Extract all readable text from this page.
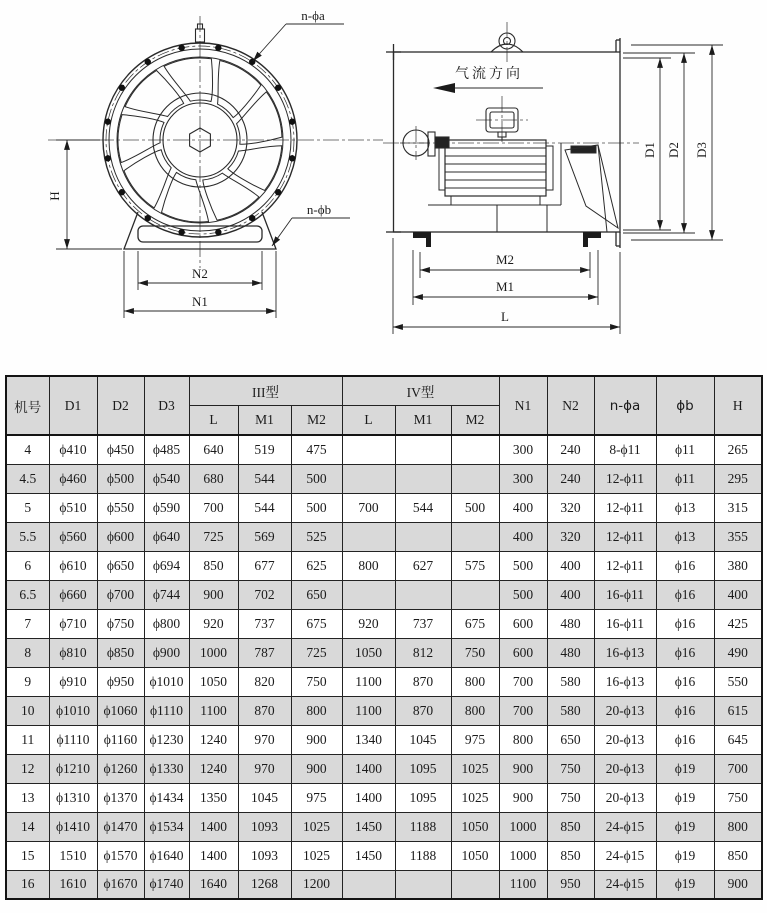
H
N2
N1
n-ϕa
n-ϕb
气流方向
M2
M1
L
D1 D2 D3
机号	D1	D2	D3	III型			IV型			N1	N2	n-ϕa	ϕb	H
				L	M1	M2	L	M1	M2					
4	ϕ410	ϕ450	ϕ485	640	519	475				300	240	8-ϕ11	ϕ11	265
4.5	ϕ460	ϕ500	ϕ540	680	544	500				300	240	12-ϕ11	ϕ11	295
5	ϕ510	ϕ550	ϕ590	700	544	500	700	544	500	400	320	12-ϕ11	ϕ13	315
5.5	ϕ560	ϕ600	ϕ640	725	569	525				400	320	12-ϕ11	ϕ13	355
6	ϕ610	ϕ650	ϕ694	850	677	625	800	627	575	500	400	12-ϕ11	ϕ16	380
6.5	ϕ660	ϕ700	ϕ744	900	702	650				500	400	16-ϕ11	ϕ16	400
7	ϕ710	ϕ750	ϕ800	920	737	675	920	737	675	600	480	16-ϕ11	ϕ16	425
8	ϕ810	ϕ850	ϕ900	1000	787	725	1050	812	750	600	480	16-ϕ13	ϕ16	490
9	ϕ910	ϕ950	ϕ1010	1050	820	750	1100	870	800	700	580	16-ϕ13	ϕ16	550
10	ϕ1010	ϕ1060	ϕ1110	1100	870	800	1100	870	800	700	580	20-ϕ13	ϕ16	615
11	ϕ1110	ϕ1160	ϕ1230	1240	970	900	1340	1045	975	800	650	20-ϕ13	ϕ16	645
12	ϕ1210	ϕ1260	ϕ1330	1240	970	900	1400	1095	1025	900	750	20-ϕ13	ϕ19	700
13	ϕ1310	ϕ1370	ϕ1434	1350	1045	975	1400	1095	1025	900	750	20-ϕ13	ϕ19	750
14	ϕ1410	ϕ1470	ϕ1534	1400	1093	1025	1450	1188	1050	1000	850	24-ϕ15	ϕ19	800
15	1510	ϕ1570	ϕ1640	1400	1093	1025	1450	1188	1050	1000	850	24-ϕ15	ϕ19	850
16	1610	ϕ1670	ϕ1740	1640	1268	1200				1100	950	24-ϕ15	ϕ19	900
